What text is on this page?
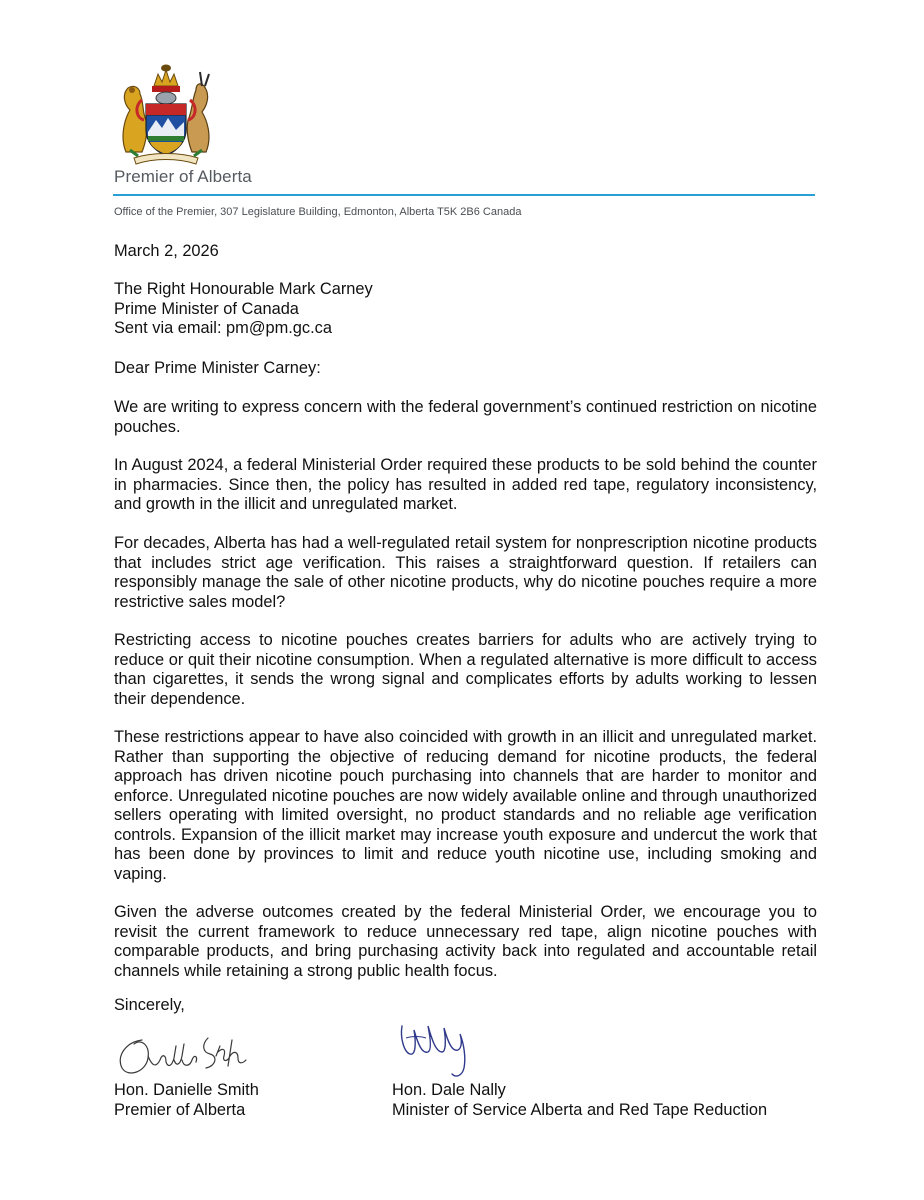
Premier of Alberta
Office of the Premier, 307 Legislature Building, Edmonton, Alberta T5K 2B6 Canada
March 2, 2026
The Right Honourable Mark Carney
Prime Minister of Canada
Sent via email: pm@pm.gc.ca
Dear Prime Minister Carney:

We are writing to express concern with the federal government’s continued restriction on nicotine pouches.

In August 2024, a federal Ministerial Order required these products to be sold behind the counter in pharmacies. Since then, the policy has resulted in added red tape, regulatory inconsistency, and growth in the illicit and unregulated market.

For decades, Alberta has had a well-regulated retail system for nonprescription nicotine products that includes strict age verification. This raises a straightforward question. If retailers can responsibly manage the sale of other nicotine products, why do nicotine pouches require a more restrictive sales model?

Restricting access to nicotine pouches creates barriers for adults who are actively trying to reduce or quit their nicotine consumption. When a regulated alternative is more difficult to access than cigarettes, it sends the wrong signal and complicates efforts by adults working to lessen their dependence.

These restrictions appear to have also coincided with growth in an illicit and unregulated market. Rather than supporting the objective of reducing demand for nicotine products, the federal approach has driven nicotine pouch purchasing into channels that are harder to monitor and enforce. Unregulated nicotine pouches are now widely available online and through unauthorized sellers operating with limited oversight, no product standards and no reliable age verification controls. Expansion of the illicit market may increase youth exposure and undercut the work that has been done by provinces to limit and reduce youth nicotine use, including smoking and vaping.

Given the adverse outcomes created by the federal Ministerial Order, we encourage you to revisit the current framework to reduce unnecessary red tape, align nicotine pouches with comparable products, and bring purchasing activity back into regulated and accountable retail channels while retaining a strong public health focus.

Sincerely,
Hon. Danielle Smith
Premier of Alberta
Hon. Dale Nally
Minister of Service Alberta and Red Tape Reduction
